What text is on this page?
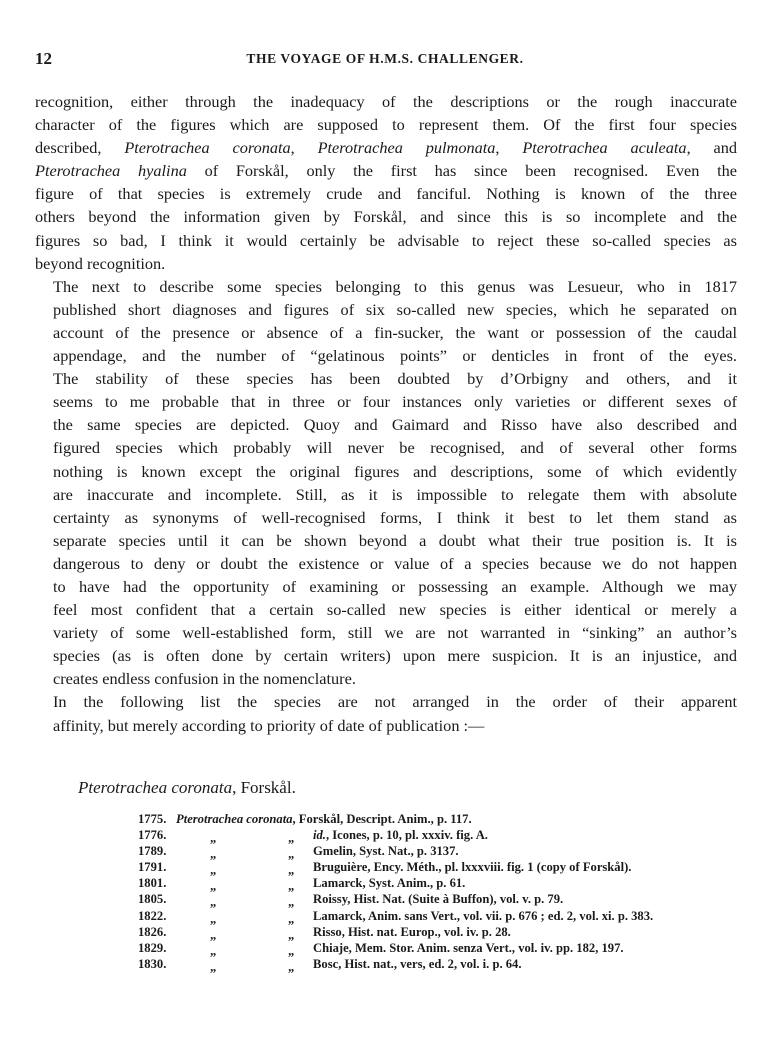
12	THE VOYAGE OF H.M.S. CHALLENGER.

recognition, either through the inadequacy of the descriptions or the rough inaccurate
character of the figures which are supposed to represent them. Of the first four species
described, Pterotrachea coronata, Pterotrachea pulmonata, Pterotrachea aculeata, and
Pterotrachea hyalina of Forskål, only the first has since been recognised. Even the
figure of that species is extremely crude and fanciful. Nothing is known of the three
others beyond the information given by Forskål, and since this is so incomplete and the
figures so bad, I think it would certainly be advisable to reject these so-called species as
beyond recognition.

The next to describe some species belonging to this genus was Lesueur, who in 1817
published short diagnoses and figures of six so-called new species, which he separated on
account of the presence or absence of a fin-sucker, the want or possession of the caudal
appendage, and the number of “gelatinous points” or denticles in front of the eyes.
The stability of these species has been doubted by d’Orbigny and others, and it
seems to me probable that in three or four instances only varieties or different sexes of
the same species are depicted. Quoy and Gaimard and Risso have also described and
figured species which probably will never be recognised, and of several other forms
nothing is known except the original figures and descriptions, some of which evidently
are inaccurate and incomplete. Still, as it is impossible to relegate them with absolute
certainty as synonyms of well-recognised forms, I think it best to let them stand as
separate species until it can be shown beyond a doubt what their true position is. It is
dangerous to deny or doubt the existence or value of a species because we do not happen
to have had the opportunity of examining or possessing an example. Although we may
feel most confident that a certain so-called new species is either identical or merely a
variety of some well-established form, still we are not warranted in “sinking” an author’s
species (as is often done by certain writers) upon mere suspicion. It is an injustice, and
creates endless confusion in the nomenclature.

In the following list the species are not arranged in the order of their apparent
affinity, but merely according to priority of date of publication :—

Pterotrachea coronata, Forskål.
1775. Pterotrachea coronata, Forskål, Descript. Anim., p. 117.
1776.	„	„ id., Icones, p. 10, pl. xxxiv. fig. A.
1789.	„	„ Gmelin, Syst. Nat., p. 3137.
1791.	„	„ Bruguière, Ency. Méth., pl. lxxxviii. fig. 1 (copy of Forskål).
1801.	„	„ Lamarck, Syst. Anim., p. 61.
1805.	„	„ Roissy, Hist. Nat. (Suite à Buffon), vol. v. p. 79.
1822.	„	„ Lamarck, Anim. sans Vert., vol. vii. p. 676 ; ed. 2, vol. xi. p. 383.
1826.	„	„ Risso, Hist. nat. Europ., vol. iv. p. 28.
1829.	„	„ Chiaje, Mem. Stor. Anim. senza Vert., vol. iv. pp. 182, 197.
1830.	„	„ Bosc, Hist. nat., vers, ed. 2, vol. i. p. 64.
